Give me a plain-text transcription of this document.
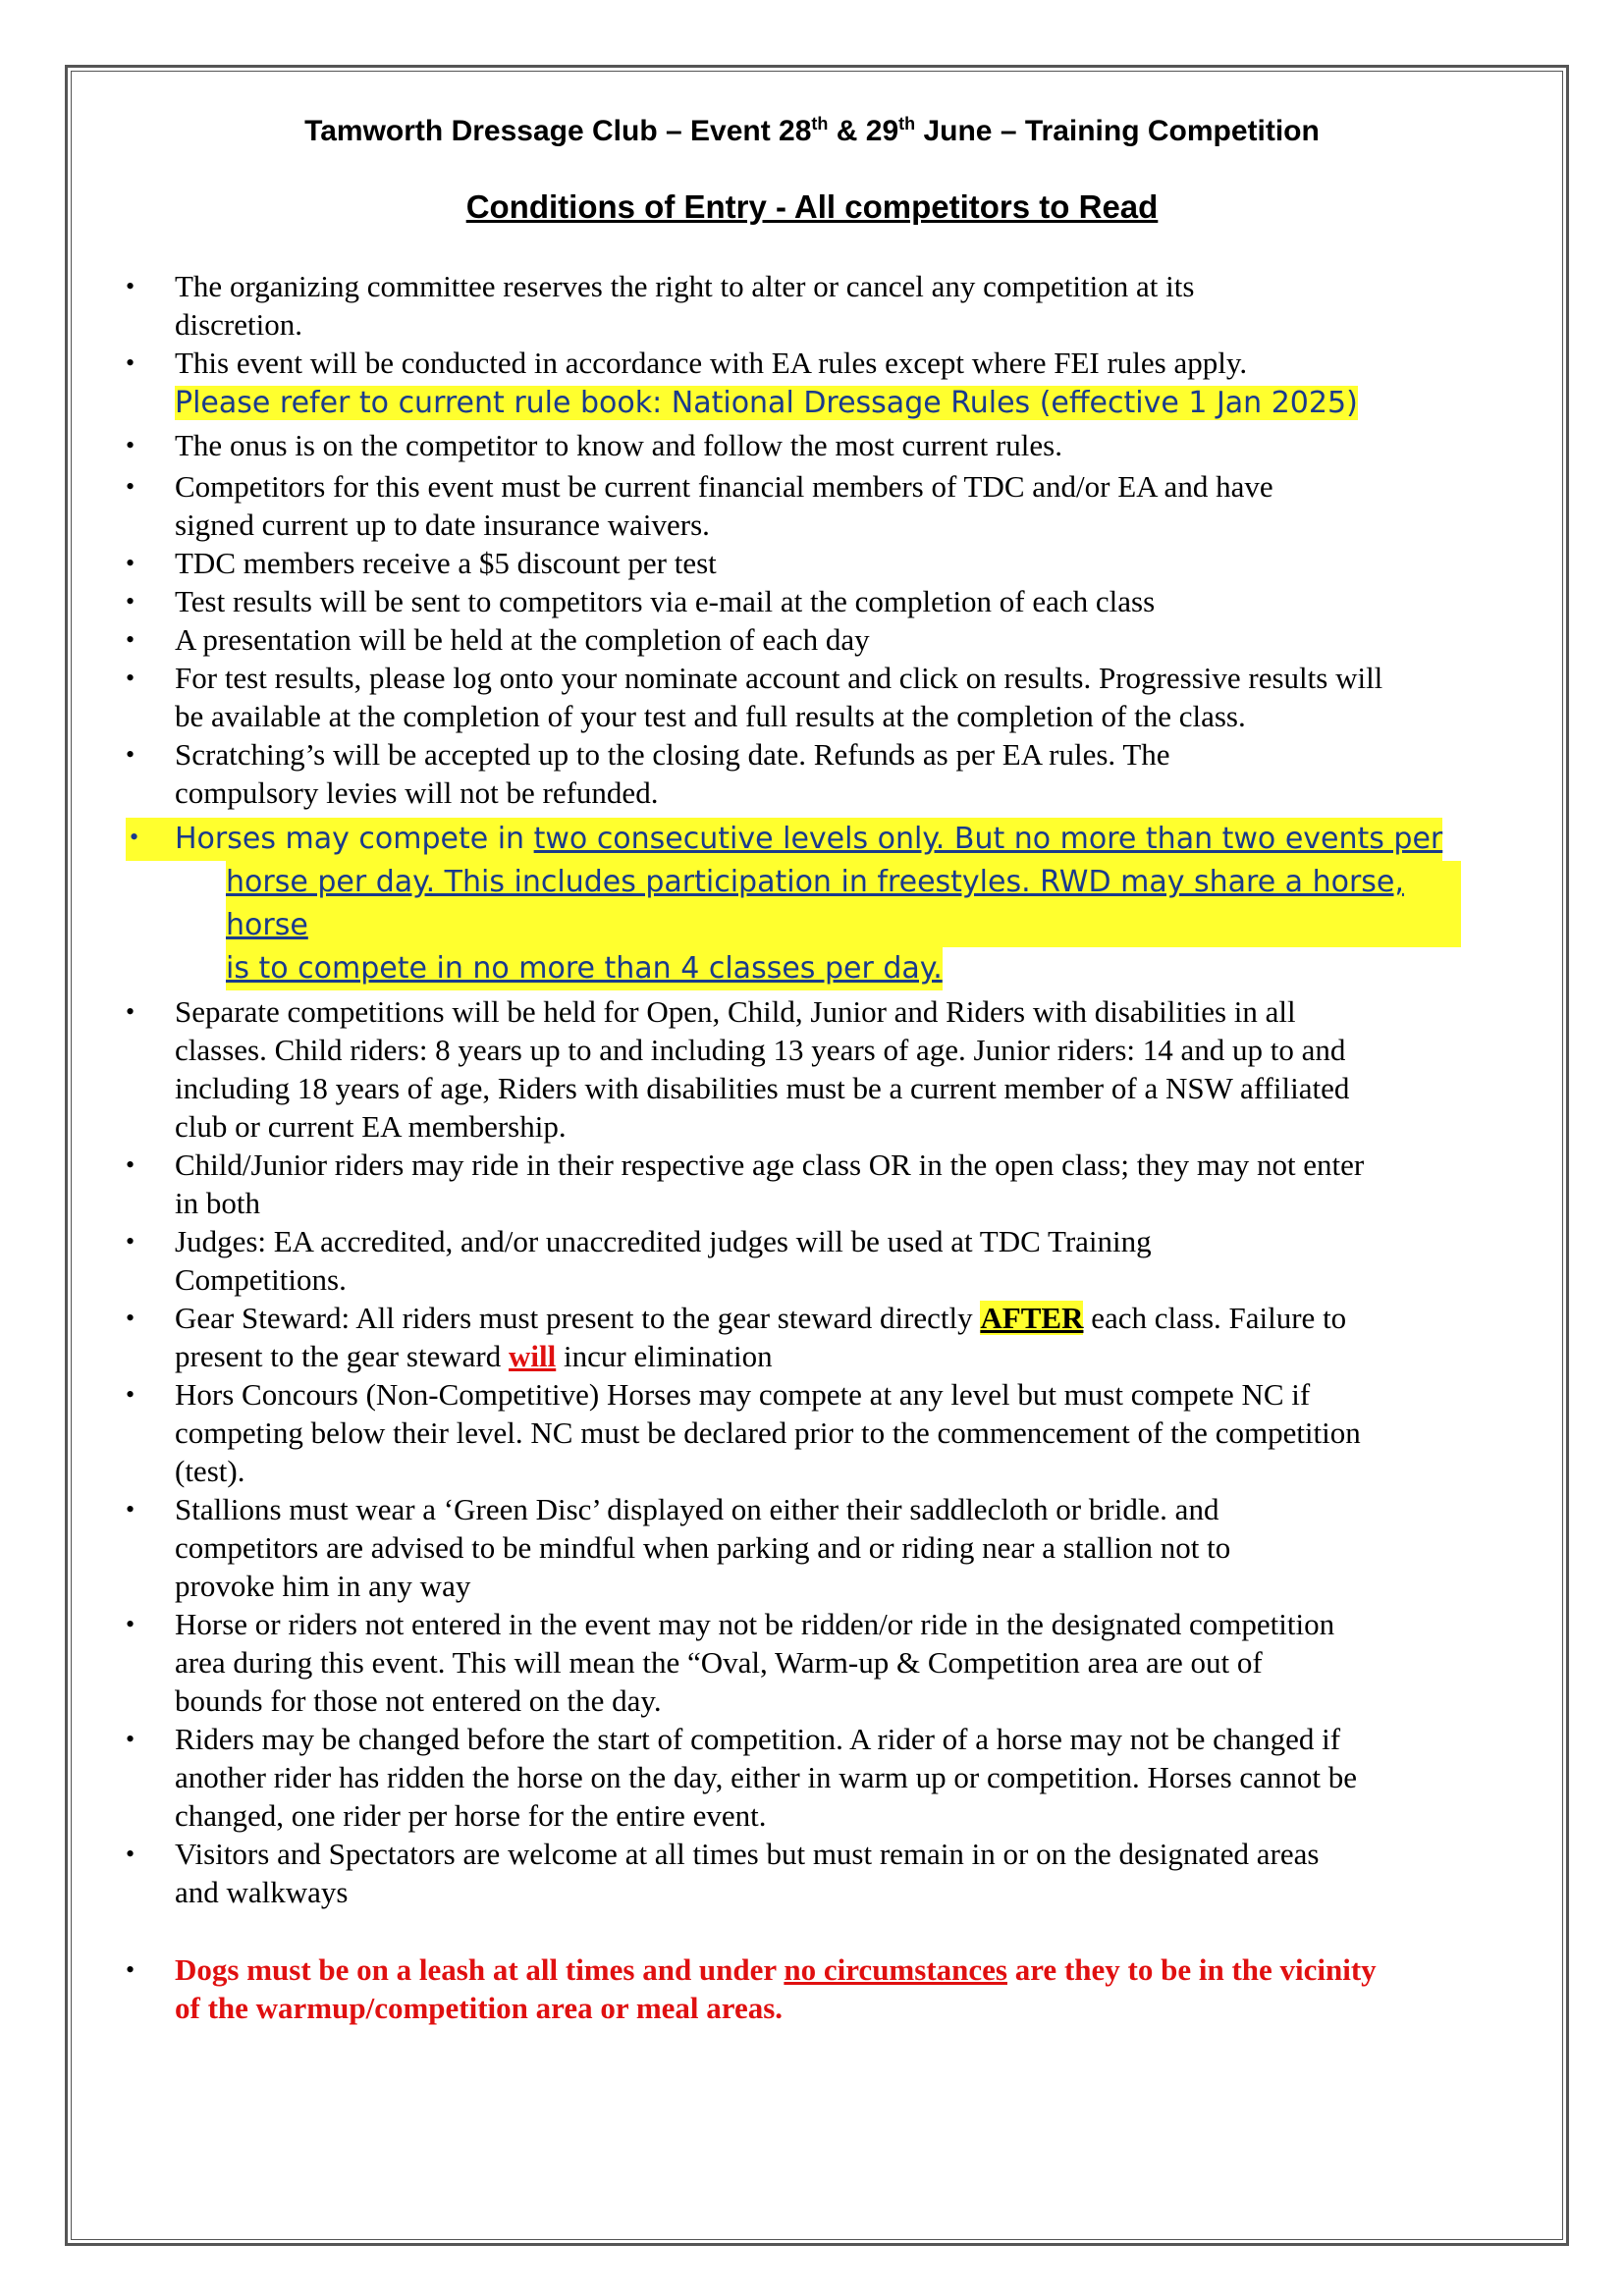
Tamworth Dressage Club – Event 28th & 29th June – Training Competition
Conditions of Entry - All competitors to Read
• The organizing committee reserves the right to alter or cancel any competition at its
discretion.
• This event will be conducted in accordance with EA rules except where FEI rules apply.
Please refer to current rule book: National Dressage Rules (effective 1 Jan 2025)
• The onus is on the competitor to know and follow the most current rules.
• Competitors for this event must be current financial members of TDC and/or EA and have
signed current up to date insurance waivers.
• TDC members receive a $5 discount per test
• Test results will be sent to competitors via e-mail at the completion of each class
• A presentation will be held at the completion of each day
• For test results, please log onto your nominate account and click on results. Progressive results will
be available at the completion of your test and full results at the completion of the class.
• Scratching’s will be accepted up to the closing date. Refunds as per EA rules. The
compulsory levies will not be refunded.
• Horses may compete in two consecutive levels only. But no more than two events per
horse per day. This includes participation in freestyles. RWD may share a horse, horse
is to compete in no more than 4 classes per day.
• Separate competitions will be held for Open, Child, Junior and Riders with disabilities in all
classes. Child riders: 8 years up to and including 13 years of age. Junior riders: 14 and up to and
including 18 years of age, Riders with disabilities must be a current member of a NSW affiliated
club or current EA membership.
• Child/Junior riders may ride in their respective age class OR in the open class; they may not enter
in both
• Judges: EA accredited, and/or unaccredited judges will be used at TDC Training
Competitions.
• Gear Steward: All riders must present to the gear steward directly AFTER each class. Failure to
present to the gear steward will incur elimination
• Hors Concours (Non-Competitive) Horses may compete at any level but must compete NC if
competing below their level. NC must be declared prior to the commencement of the competition
(test).
• Stallions must wear a ‘Green Disc’ displayed on either their saddlecloth or bridle. and
competitors are advised to be mindful when parking and or riding near a stallion not to
provoke him in any way
• Horse or riders not entered in the event may not be ridden/or ride in the designated competition
area during this event. This will mean the “Oval, Warm-up & Competition area are out of
bounds for those not entered on the day.
• Riders may be changed before the start of competition. A rider of a horse may not be changed if
another rider has ridden the horse on the day, either in warm up or competition. Horses cannot be
changed, one rider per horse for the entire event.
• Visitors and Spectators are welcome at all times but must remain in or on the designated areas
and walkways
• Dogs must be on a leash at all times and under no circumstances are they to be in the vicinity
of the warmup/competition area or meal areas.
